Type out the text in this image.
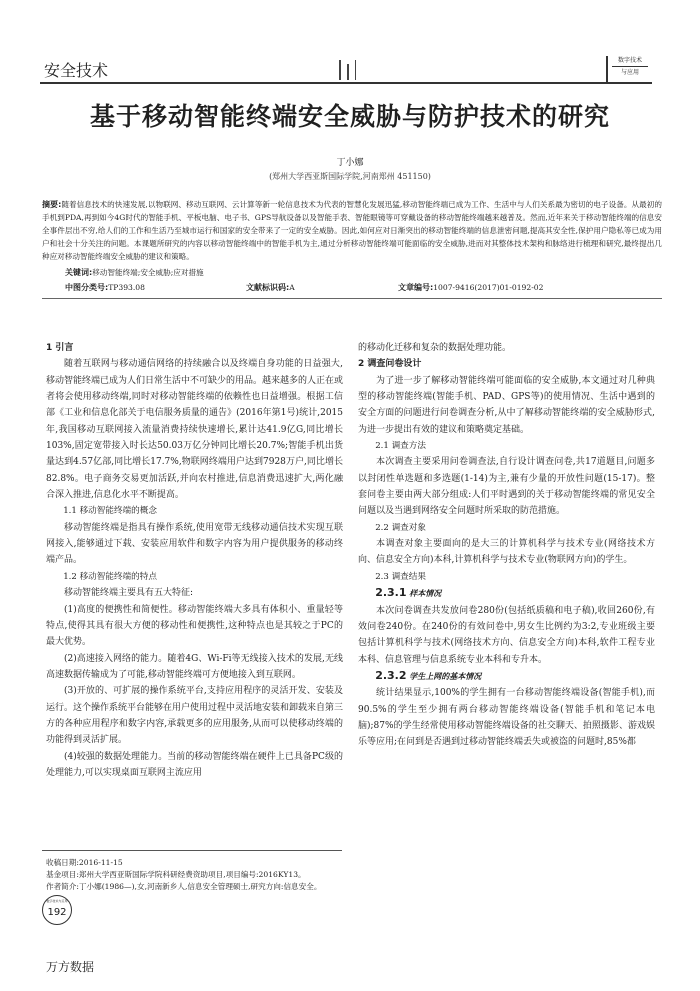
安全技术
数字技术
与应用
基于移动智能终端安全威胁与防护技术的研究
丁小娜
(郑州大学西亚斯国际学院,河南郑州 451150)
摘要:随着信息技术的快速发展,以物联网、移动互联网、云计算等新一轮信息技术为代表的智慧化发展迅猛,移动智能终端已成为工作、生活中与人们关系最为密切的电子设备。从最初的手机到PDA,再到如今4G时代的智能手机、平板电脑、电子书、GPS导航设备以及智能手表、智能眼镜等可穿戴设备的移动智能终端越来越普及。然而,近年来关于移动智能终端的信息安全事件层出不穷,给人们的工作和生活乃至城市运行和国家的安全带来了一定的安全威胁。因此,如何应对日渐突出的移动智能终端的信息泄密问题,提高其安全性,保护用户隐私等已成为用户和社会十分关注的问题。本课题所研究的内容以移动智能终端中的智能手机为主,通过分析移动智能终端可能面临的安全威胁,进而对其整体技术架构和脉络进行梳理和研究,最终提出几种应对移动智能终端安全威胁的建议和策略。
关键词:移动智能终端;安全威胁;应对措施
中图分类号:TP393.08	文献标识码:A	文章编号:1007-9416(2017)01-0192-02

1 引言

随着互联网与移动通信网络的持续融合以及终端自身功能的日益强大,移动智能终端已成为人们日常生活中不可缺少的用品。越来越多的人正在或者将会使用移动终端,同时对移动智能终端的依赖性也日益增强。根据工信部《工业和信息化部关于电信服务质量的通告》(2016年第1号)统计,2015年,我国移动互联网接入流量消费持续快速增长,累计达41.9亿G,同比增长103%,固定宽带接入时长达50.03万亿分钟同比增长20.7%;智能手机出货量达到4.57亿部,同比增长17.7%,物联网终端用户达到7928万户,同比增长82.8%。电子商务交易更加活跃,并向农村推进,信息消费迅速扩大,两化融合深入推进,信息化水平不断提高。

1.1 移动智能终端的概念

移动智能终端是指具有操作系统,使用宽带无线移动通信技术实现互联网接入,能够通过下载、安装应用软件和数字内容为用户提供服务的移动终端产品。

1.2 移动智能终端的特点

移动智能终端主要具有五大特征:

(1)高度的便携性和简便性。移动智能终端大多具有体积小、重量轻等特点,使得其具有很大方便的移动性和便携性,这种特点也是其较之于PC的最大优势。

(2)高速接入网络的能力。随着4G、Wi-Fi等无线接入技术的发展,无线高速数据传输成为了可能,移动智能终端可方便地接入到互联网。

(3)开放的、可扩展的操作系统平台,支持应用程序的灵活开发、安装及运行。这个操作系统平台能够在用户使用过程中灵活地安装和卸载来自第三方的各种应用程序和数字内容,承载更多的应用服务,从而可以使移动终端的功能得到灵活扩展。

(4)较强的数据处理能力。当前的移动智能终端在硬件上已具备PC级的处理能力,可以实现桌面互联网主流应用

的移动化迁移和复杂的数据处理功能。

2 调查问卷设计

为了进一步了解移动智能终端可能面临的安全威胁,本文通过对几种典型的移动智能终端(智能手机、PAD、GPS等)的使用情况、生活中遇到的安全方面的问题进行问卷调查分析,从中了解移动智能终端的安全威胁形式,为进一步提出有效的建议和策略奠定基础。

2.1 调查方法

本次调查主要采用问卷调查法,自行设计调查问卷,共17道题目,问题多以封闭性单选题和多选题(1-14)为主,兼有少量的开放性问题(15-17)。整套问卷主要由两大部分组成:人们平时遇到的关于移动智能终端的常见安全问题以及当遇到网络安全问题时所采取的防范措施。

2.2 调查对象

本调查对象主要面向的是大三的计算机科学与技术专业(网络技术方向、信息安全方向)本科,计算机科学与技术专业(物联网方向)的学生。

2.3 调查结果

2.3.1 样本情况

本次问卷调查共发放问卷280份(包括纸质稿和电子稿),收回260份,有效问卷240份。在240份的有效问卷中,男女生比例约为3:2,专业班级主要包括计算机科学与技术(网络技术方向、信息安全方向)本科,软件工程专业本科、信息管理与信息系统专业本科和专升本。

2.3.2 学生上网的基本情况

统计结果显示,100%的学生拥有一台移动智能终端设备(智能手机),而90.5%的学生至少拥有两台移动智能终端设备(智能手机和笔记本电脑);87%的学生经常使用移动智能终端设备的社交聊天、拍照摄影、游戏娱乐等应用;在问到是否遇到过移动智能终端丢失或被盗的问题时,85%都

收稿日期:2016-11-15
基金项目:郑州大学西亚斯国际学院科研经费资助项目,项目编号:2016KY13。
作者简介:丁小娜(1986—),女,河南新乡人,信息安全管理硕士,研究方向:信息安全。
数字技术与应用
192
万方数据
